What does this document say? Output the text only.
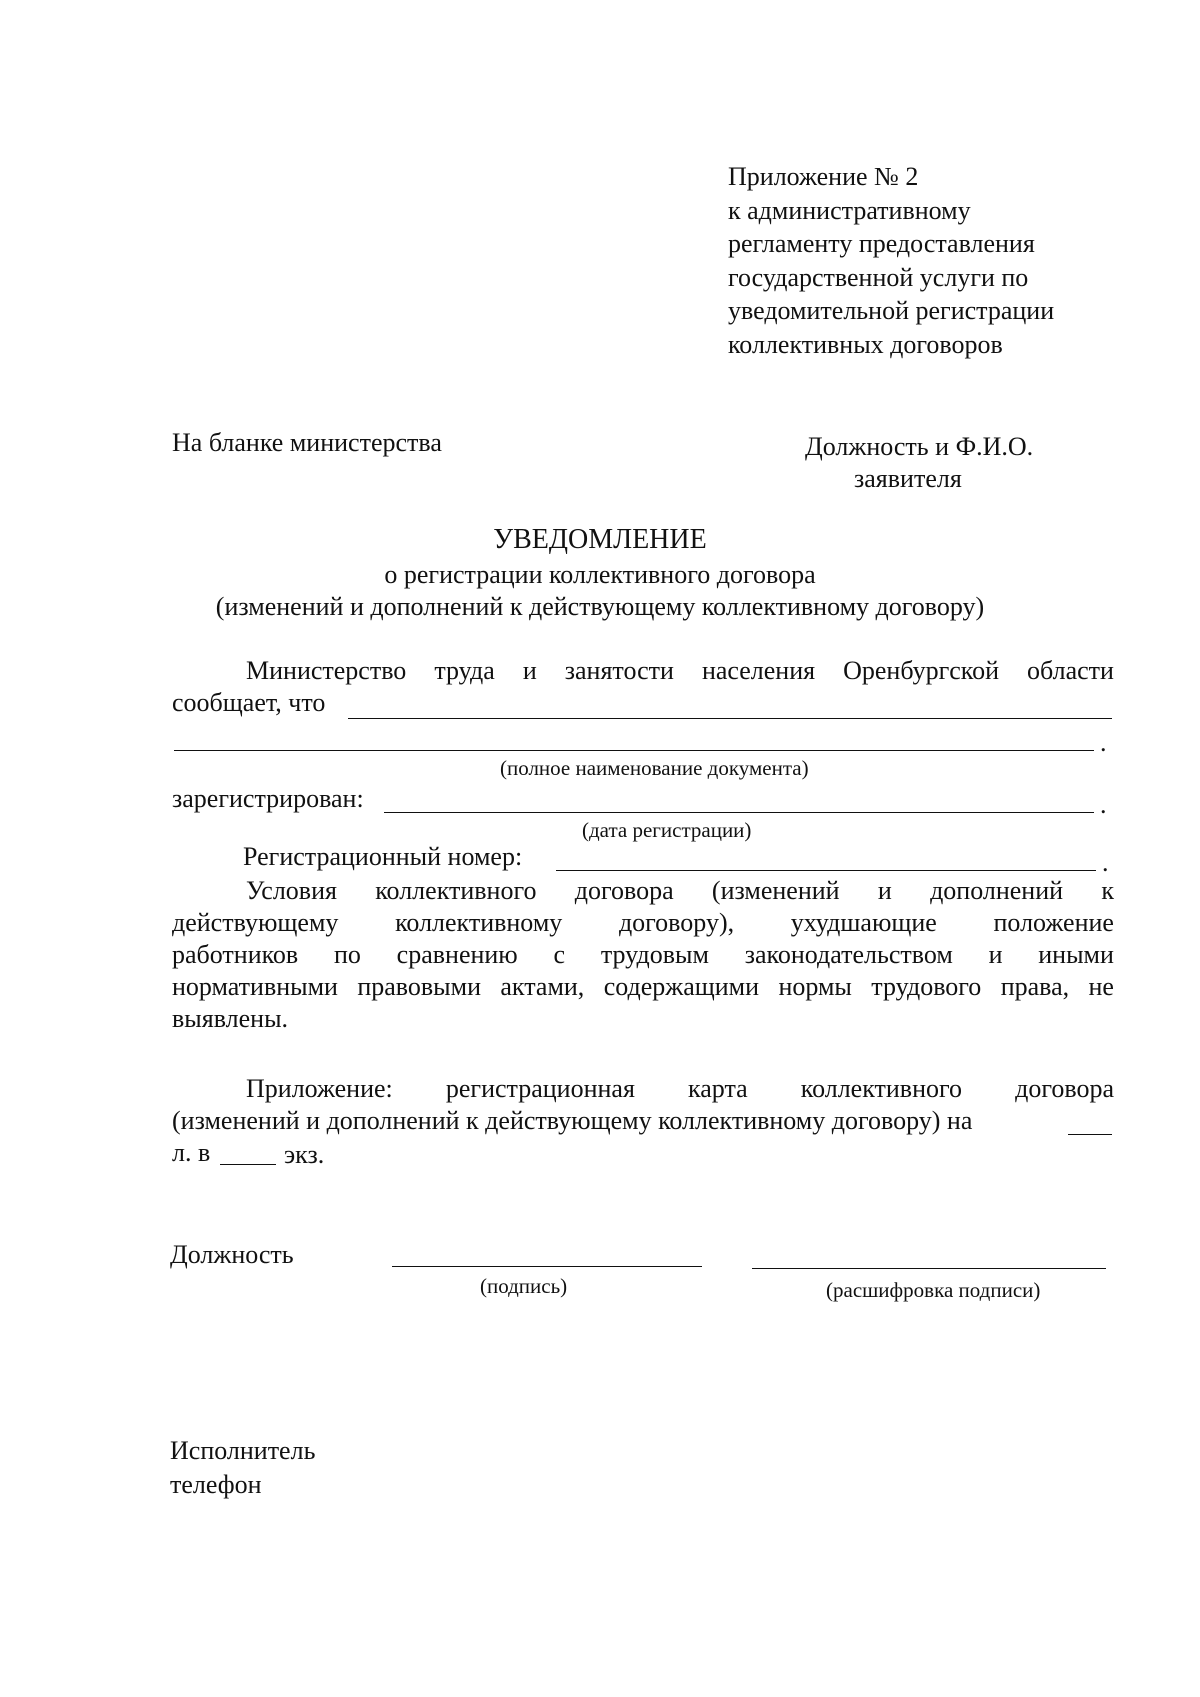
Приложение № 2
к административному
регламенту предоставления
государственной услуги по
уведомительной регистрации
коллективных договоров
На бланке министерства	Должность и Ф.И.О.
заявителя
УВЕДОМЛЕНИЕ
о регистрации коллективного договора
(изменений и дополнений к действующему коллективному договору)
Министерство труда и занятости населения Оренбургской области
сообщает, что
.
(полное наименование документа)
зарегистрирован:	.
(дата регистрации)
Регистрационный номер:	.
Условия коллективного договора (изменений и дополнений к
действующему коллективному договору), ухудшающие положение
работников по сравнению с трудовым законодательством и иными
нормативными правовыми актами, содержащими нормы трудового права, не
выявлены.
Приложение: регистрационная карта коллективного договора
(изменений и дополнений к действующему коллективному договору) на
л. в	экз.
Должность
(подпись)	(расшифровка подписи)
Исполнитель
телефон
